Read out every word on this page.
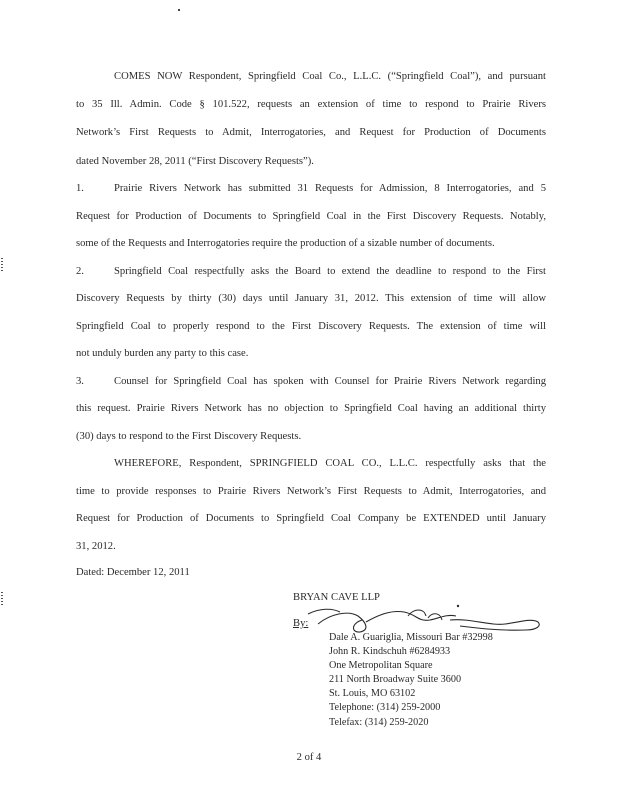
COMES NOW Respondent, Springfield Coal Co., L.L.C. (“Springfield Coal”), and pursuant
to 35 Ill. Admin. Code § 101.522, requests an extension of time to respond to Prairie Rivers
Network’s First Requests to Admit, Interrogatories, and Request for Production of Documents
dated November 28, 2011 (“First Discovery Requests”).
1.	Prairie Rivers Network has submitted 31 Requests for Admission, 8 Interrogatories, and 5
Request for Production of Documents to Springfield Coal in the First Discovery Requests. Notably,
some of the Requests and Interrogatories require the production of a sizable number of documents.
2.	Springfield Coal respectfully asks the Board to extend the deadline to respond to the First
Discovery Requests by thirty (30) days until January 31, 2012. This extension of time will allow
Springfield Coal to properly respond to the First Discovery Requests. The extension of time will
not unduly burden any party to this case.
3.	Counsel for Springfield Coal has spoken with Counsel for Prairie Rivers Network regarding
this request. Prairie Rivers Network has no objection to Springfield Coal having an additional thirty
(30) days to respond to the First Discovery Requests.
WHEREFORE, Respondent, SPRINGFIELD COAL CO., L.L.C. respectfully asks that the
time to provide responses to Prairie Rivers Network’s First Requests to Admit, Interrogatories, and
Request for Production of Documents to Springfield Coal Company be EXTENDED until January
31, 2012.
Dated: December 12, 2011
BRYAN CAVE LLP
By:
Dale A. Guariglia, Missouri Bar #32998
John R. Kindschuh #6284933
One Metropolitan Square
211 North Broadway Suite 3600
St. Louis, MO 63102
Telephone: (314) 259-2000
Telefax: (314) 259-2020
2 of 4
